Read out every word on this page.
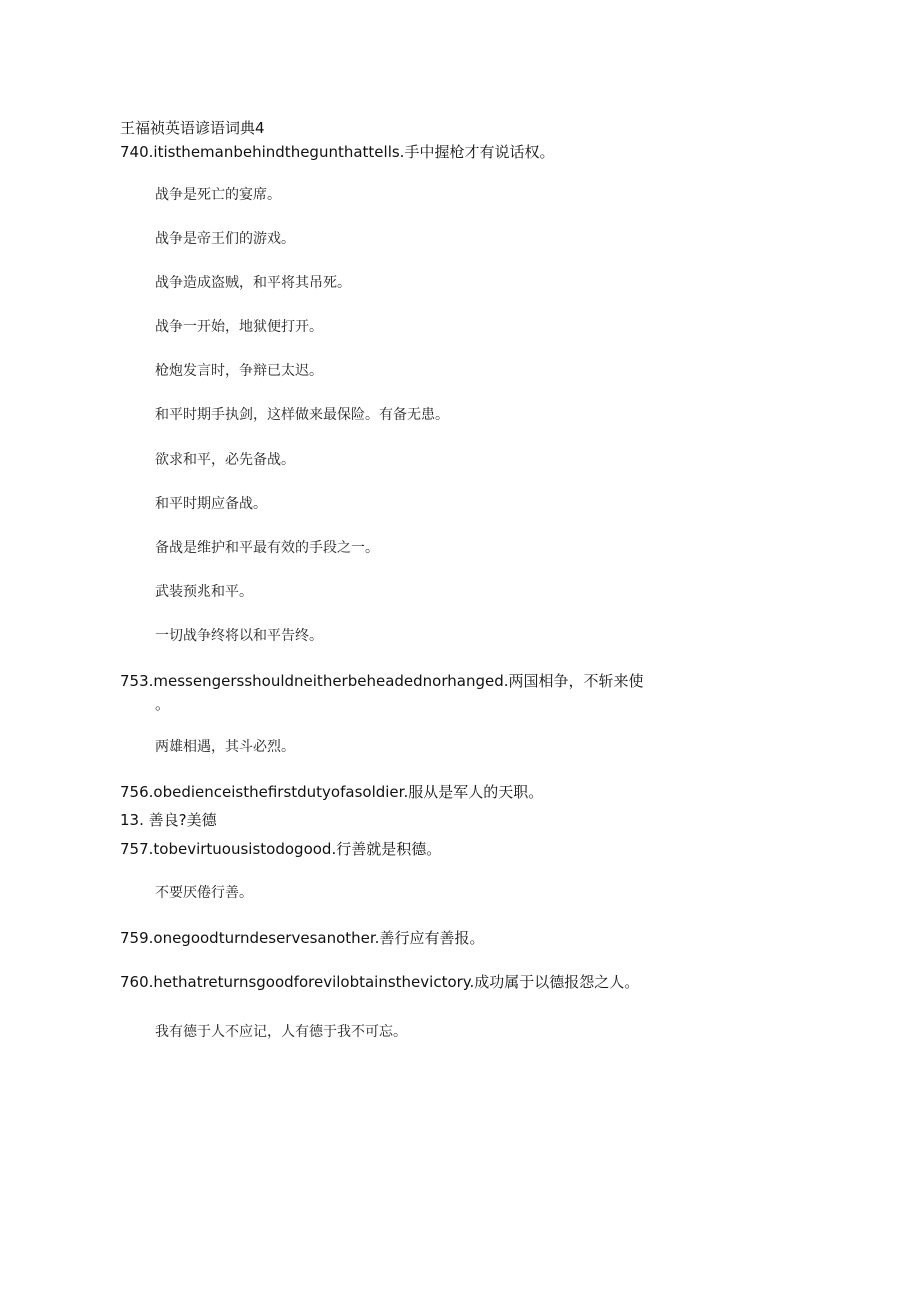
王福祯英语谚语词典4
740.itisthemanbehindthegunthattells.手中握枪才有说话权。
战争是死亡的宴席。
战争是帝王们的游戏。
战争造成盗贼，和平将其吊死。
战争一开始，地狱便打开。
枪炮发言时，争辩已太迟。
和平时期手执剑，这样做来最保险。有备无患。
欲求和平，必先备战。
和平时期应备战。
备战是维护和平最有效的手段之一。
武装预兆和平。
一切战争终将以和平告终。
753.messengersshouldneitherbeheadednorhanged.两国相争，不斩来使
。
两雄相遇，其斗必烈。
756.obedienceisthefirstdutyofasoldier.服从是军人的天职。
13. 善良?美德
757.tobevirtuousistodogood.行善就是积德。
不要厌倦行善。
759.onegoodturndeservesanother.善行应有善报。
760.hethatreturnsgoodforevilobtainsthevictory.成功属于以德报怨之人。
我有德于人不应记，人有德于我不可忘。
